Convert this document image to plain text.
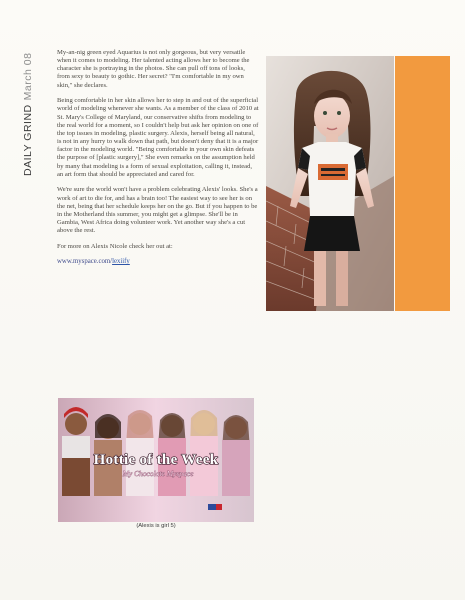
DAILY GRINDMarch 08

My-an-nig green eyed Aquarius is not only gorgeous, but very versatile when it comes to modeling. Her talented acting allows her to become the character she is portraying in the photos. She can pull off tons of looks, from sexy to beauty to gothic. Her secret? "I'm comfortable in my own skin," she declares.

Being comfortable in her skin allows her to step in and out of the superficial world of modeling whenever she wants. As a member of the class of 2010 at St. Mary's College of Maryland, our conservative shifts from modeling to the real world for a moment, so I couldn't help but ask her opinion on one of the top issues in modeling, plastic surgery. Alexis, herself being all natural, is not in any hurry to walk down that path, but doesn't deny that it is a major factor in the modeling world. "Being comfortable in your own skin defeats the purpose of [plastic surgery]," She even remarks on the assumption held by many that modeling is a form of sexual exploitation, calling it, instead, an art form that should be appreciated and cared for.

We're sure the world won't have a problem celebrating Alexis' looks. She's a work of art to die for, and has a brain too! The easiest way to see her is on the net, being that her schedule keeps her on the go. But if you happen to be in the Motherland this summer, you might get a glimpse. She'll be in Gambia, West Africa doing volunteer work. Yet another way she's a cut above the rest.

For more on Alexis Nicole check her out at:

www.myspace.com/lexiify
Hottie of the Week
My Chocolate Myspace
(Alexis is girl 5)
